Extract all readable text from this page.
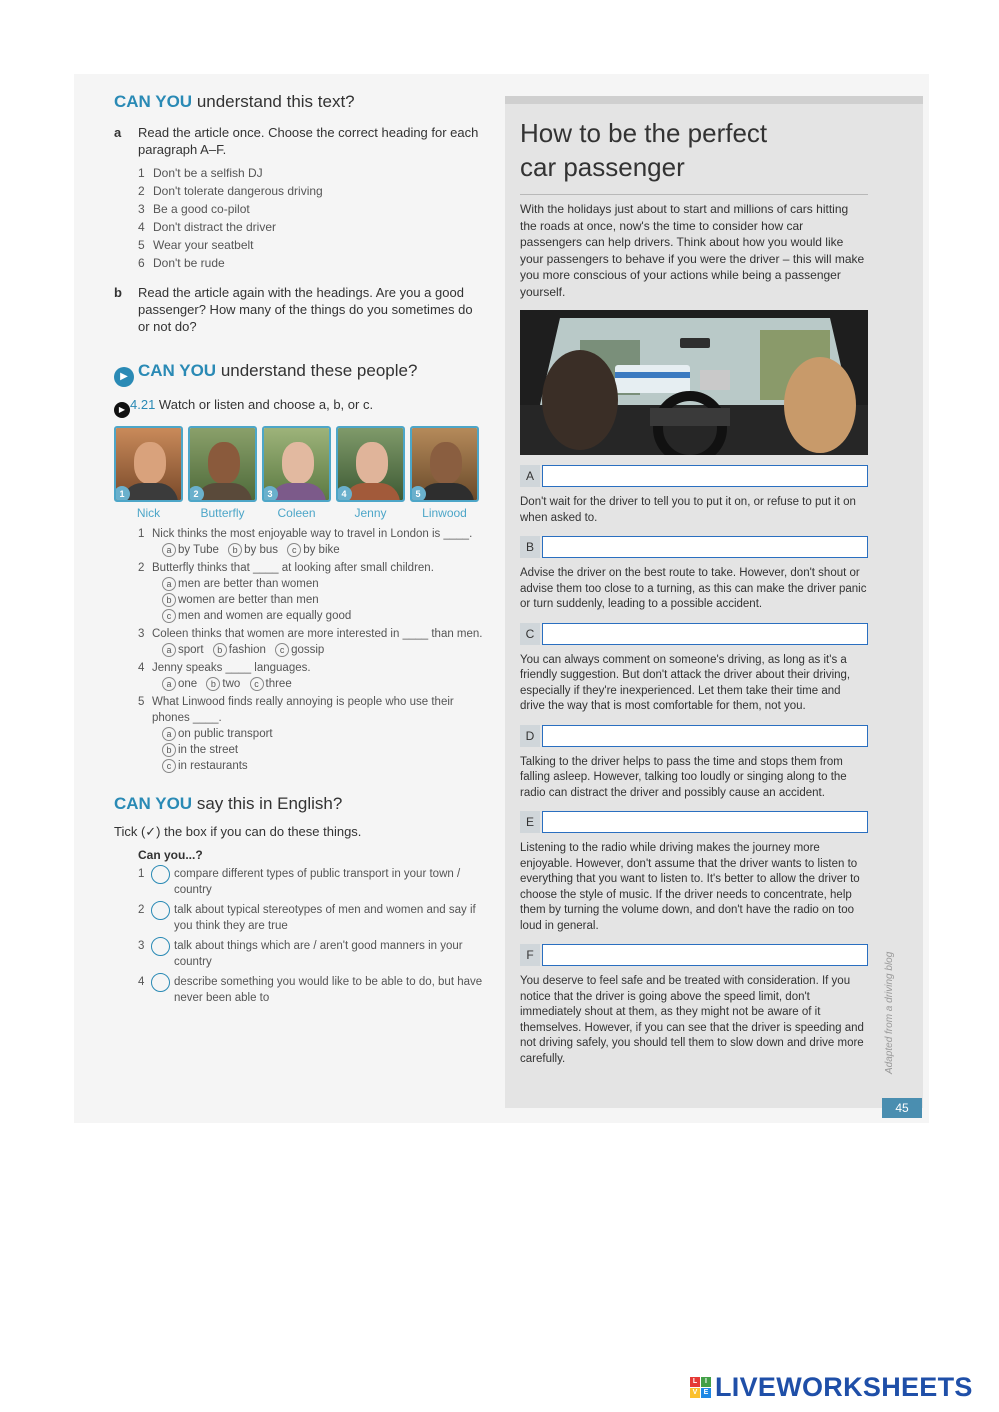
CAN YOU understand this text?
a Read the article once. Choose the correct heading for each paragraph A–F.
1 Don't be a selfish DJ
2 Don't tolerate dangerous driving
3 Be a good co-pilot
4 Don't distract the driver
5 Wear your seatbelt
6 Don't be rude
b Read the article again with the headings. Are you a good passenger? How many of the things do you sometimes do or not do?
▶ CAN YOU understand these people?
▶ 4.21 Watch or listen and choose a, b, or c.
1
Nick
2
Butterfly
3
Coleen
4
Jenny
5
Linwood
1 Nick thinks the most enjoyable way to travel in London is ____.
a by Tube b by bus c by bike
2 Butterfly thinks that ____ at looking after small children.
a men are better than women
b women are better than men
c men and women are equally good
3 Coleen thinks that women are more interested in ____ than men.
a sport b fashion c gossip
4 Jenny speaks ____ languages.
a one b two c three
5 What Linwood finds really annoying is people who use their phones ____.
a on public transport
b in the street
c in restaurants
CAN YOU say this in English?
Tick (✓) the box if you can do these things.
Can you...?
1	compare different types of public transport in your town / country
2	talk about typical stereotypes of men and women and say if you think they are true
3	talk about things which are / aren't good manners in your country
4	describe something you would like to be able to do, but have never been able to
How to be the perfect
car passenger
With the holidays just about to start and millions of cars hitting the roads at once, now's the time to consider how car passengers can help drivers. Think about how you would like your passengers to behave if you were the driver – this will make you more conscious of your actions while being a passenger yourself.
A
Don't wait for the driver to tell you to put it on, or refuse to put it on when asked to.
B
Advise the driver on the best route to take. However, don't shout or advise them too close to a turning, as this can make the driver panic or turn suddenly, leading to a possible accident.
C
You can always comment on someone's driving, as long as it's a friendly suggestion. But don't attack the driver about their driving, especially if they're inexperienced. Let them take their time and drive the way that is most comfortable for them, not you.
D
Talking to the driver helps to pass the time and stops them from falling asleep. However, talking too loudly or singing along to the radio can distract the driver and possibly cause an accident.
E
Listening to the radio while driving makes the journey more enjoyable. However, don't assume that the driver wants to listen to everything that you want to listen to. It's better to allow the driver to choose the style of music. If the driver needs to concentrate, help them by turning the volume down, and don't have the radio on too loud in general.
F
You deserve to feel safe and be treated with consideration. If you notice that the driver is going above the speed limit, don't immediately shout at them, as they might not be aware of it themselves. However, if you can see that the driver is speeding and not driving safely, you should tell them to slow down and drive more carefully.	Adapted from a driving blog
45
L	I
V E LIVEWORKSHEETS
